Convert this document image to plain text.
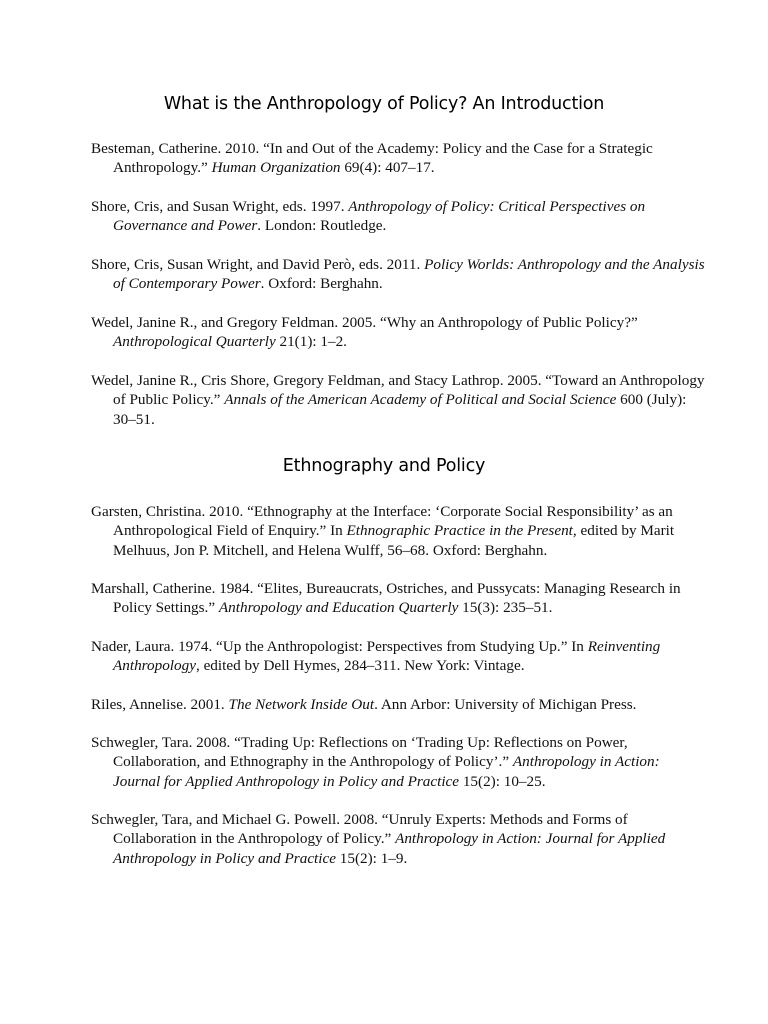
What is the Anthropology of Policy? An Introduction

Besteman, Catherine. 2010. “In and Out of the Academy: Policy and the Case for a Strategic Anthropology.” Human Organization 69(4): 407–17.

Shore, Cris, and Susan Wright, eds. 1997. Anthropology of Policy: Critical Perspectives on Governance and Power. London: Routledge.

Shore, Cris, Susan Wright, and David Però, eds. 2011. Policy Worlds: Anthropology and the Analysis of Contemporary Power. Oxford: Berghahn.

Wedel, Janine R., and Gregory Feldman. 2005. “Why an Anthropology of Public Policy?” Anthropological Quarterly 21(1): 1–2.

Wedel, Janine R., Cris Shore, Gregory Feldman, and Stacy Lathrop. 2005. “Toward an Anthropology of Public Policy.” Annals of the American Academy of Political and Social Science 600 (July): 30–51.

Ethnography and Policy

Garsten, Christina. 2010. “Ethnography at the Interface: ‘Corporate Social Responsibility’ as an Anthropological Field of Enquiry.” In Ethnographic Practice in the Present, edited by Marit Melhuus, Jon P. Mitchell, and Helena Wulff, 56–68. Oxford: Berghahn.

Marshall, Catherine. 1984. “Elites, Bureaucrats, Ostriches, and Pussycats: Managing Research in Policy Settings.” Anthropology and Education Quarterly 15(3): 235–51.

Nader, Laura. 1974. “Up the Anthropologist: Perspectives from Studying Up.” In Reinventing Anthropology, edited by Dell Hymes, 284–311. New York: Vintage.

Riles, Annelise. 2001. The Network Inside Out. Ann Arbor: University of Michigan Press.

Schwegler, Tara. 2008. “Trading Up: Reflections on ‘Trading Up: Reflections on Power, Collaboration, and Ethnography in the Anthropology of Policy’.” Anthropology in Action: Journal for Applied Anthropology in Policy and Practice 15(2): 10–25.

Schwegler, Tara, and Michael G. Powell. 2008. “Unruly Experts: Methods and Forms of Collaboration in the Anthropology of Policy.” Anthropology in Action: Journal for Applied Anthropology in Policy and Practice 15(2): 1–9.
